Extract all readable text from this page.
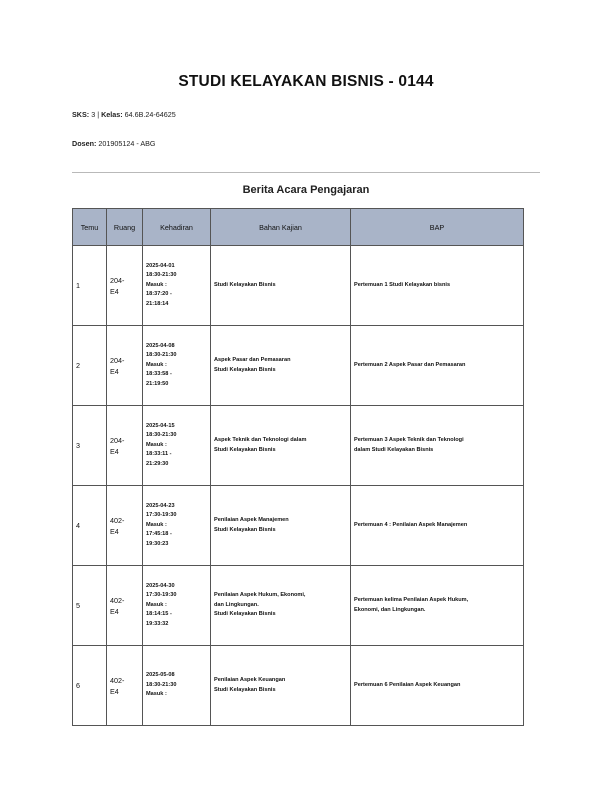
STUDI KELAYAKAN BISNIS - 0144
SKS: 3 | Kelas: 64.6B.24-64625
Dosen: 201905124 - ABG
Berita Acara Pengajaran
Temu	Ruang	Kehadiran	Bahan Kajian	BAP
1	204-
E4	2025-04-01
18:30-21:30
Masuk :
18:37:20 -
21:18:14	Studi Kelayakan Bisnis	Pertemuan 1 Studi Kelayakan bisnis
2	204-
E4	2025-04-08
18:30-21:30
Masuk :
18:33:58 -
21:19:50	Aspek Pasar dan Pemasaran
Studi Kelayakan Bisnis	Pertemuan 2 Aspek Pasar dan Pemasaran
3	204-
E4	2025-04-15
18:30-21:30
Masuk :
18:33:11 -
21:29:30	Aspek Teknik dan Teknologi dalam
Studi Kelayakan Bisnis	Pertemuan 3 Aspek Teknik dan Teknologi
dalam Studi Kelayakan Bisnis
4	402-
E4	2025-04-23
17:30-19:30
Masuk :
17:45:18 -
19:30:23	Penilaian Aspek Manajemen
Studi Kelayakan Bisnis	Pertemuan 4 : Penilaian Aspek Manajemen
5	402-
E4	2025-04-30
17:30-19:30
Masuk :
18:14:15 -
19:33:32	Penilaian Aspek Hukum, Ekonomi,
dan Lingkungan.
Studi Kelayakan Bisnis	Pertemuan kelima Penilaian Aspek Hukum,
Ekonomi, dan Lingkungan.
6	402-
E4	2025-05-08
18:30-21:30
Masuk :	Penilaian Aspek Keuangan
Studi Kelayakan Bisnis	Pertemuan 6 Penilaian Aspek Keuangan
